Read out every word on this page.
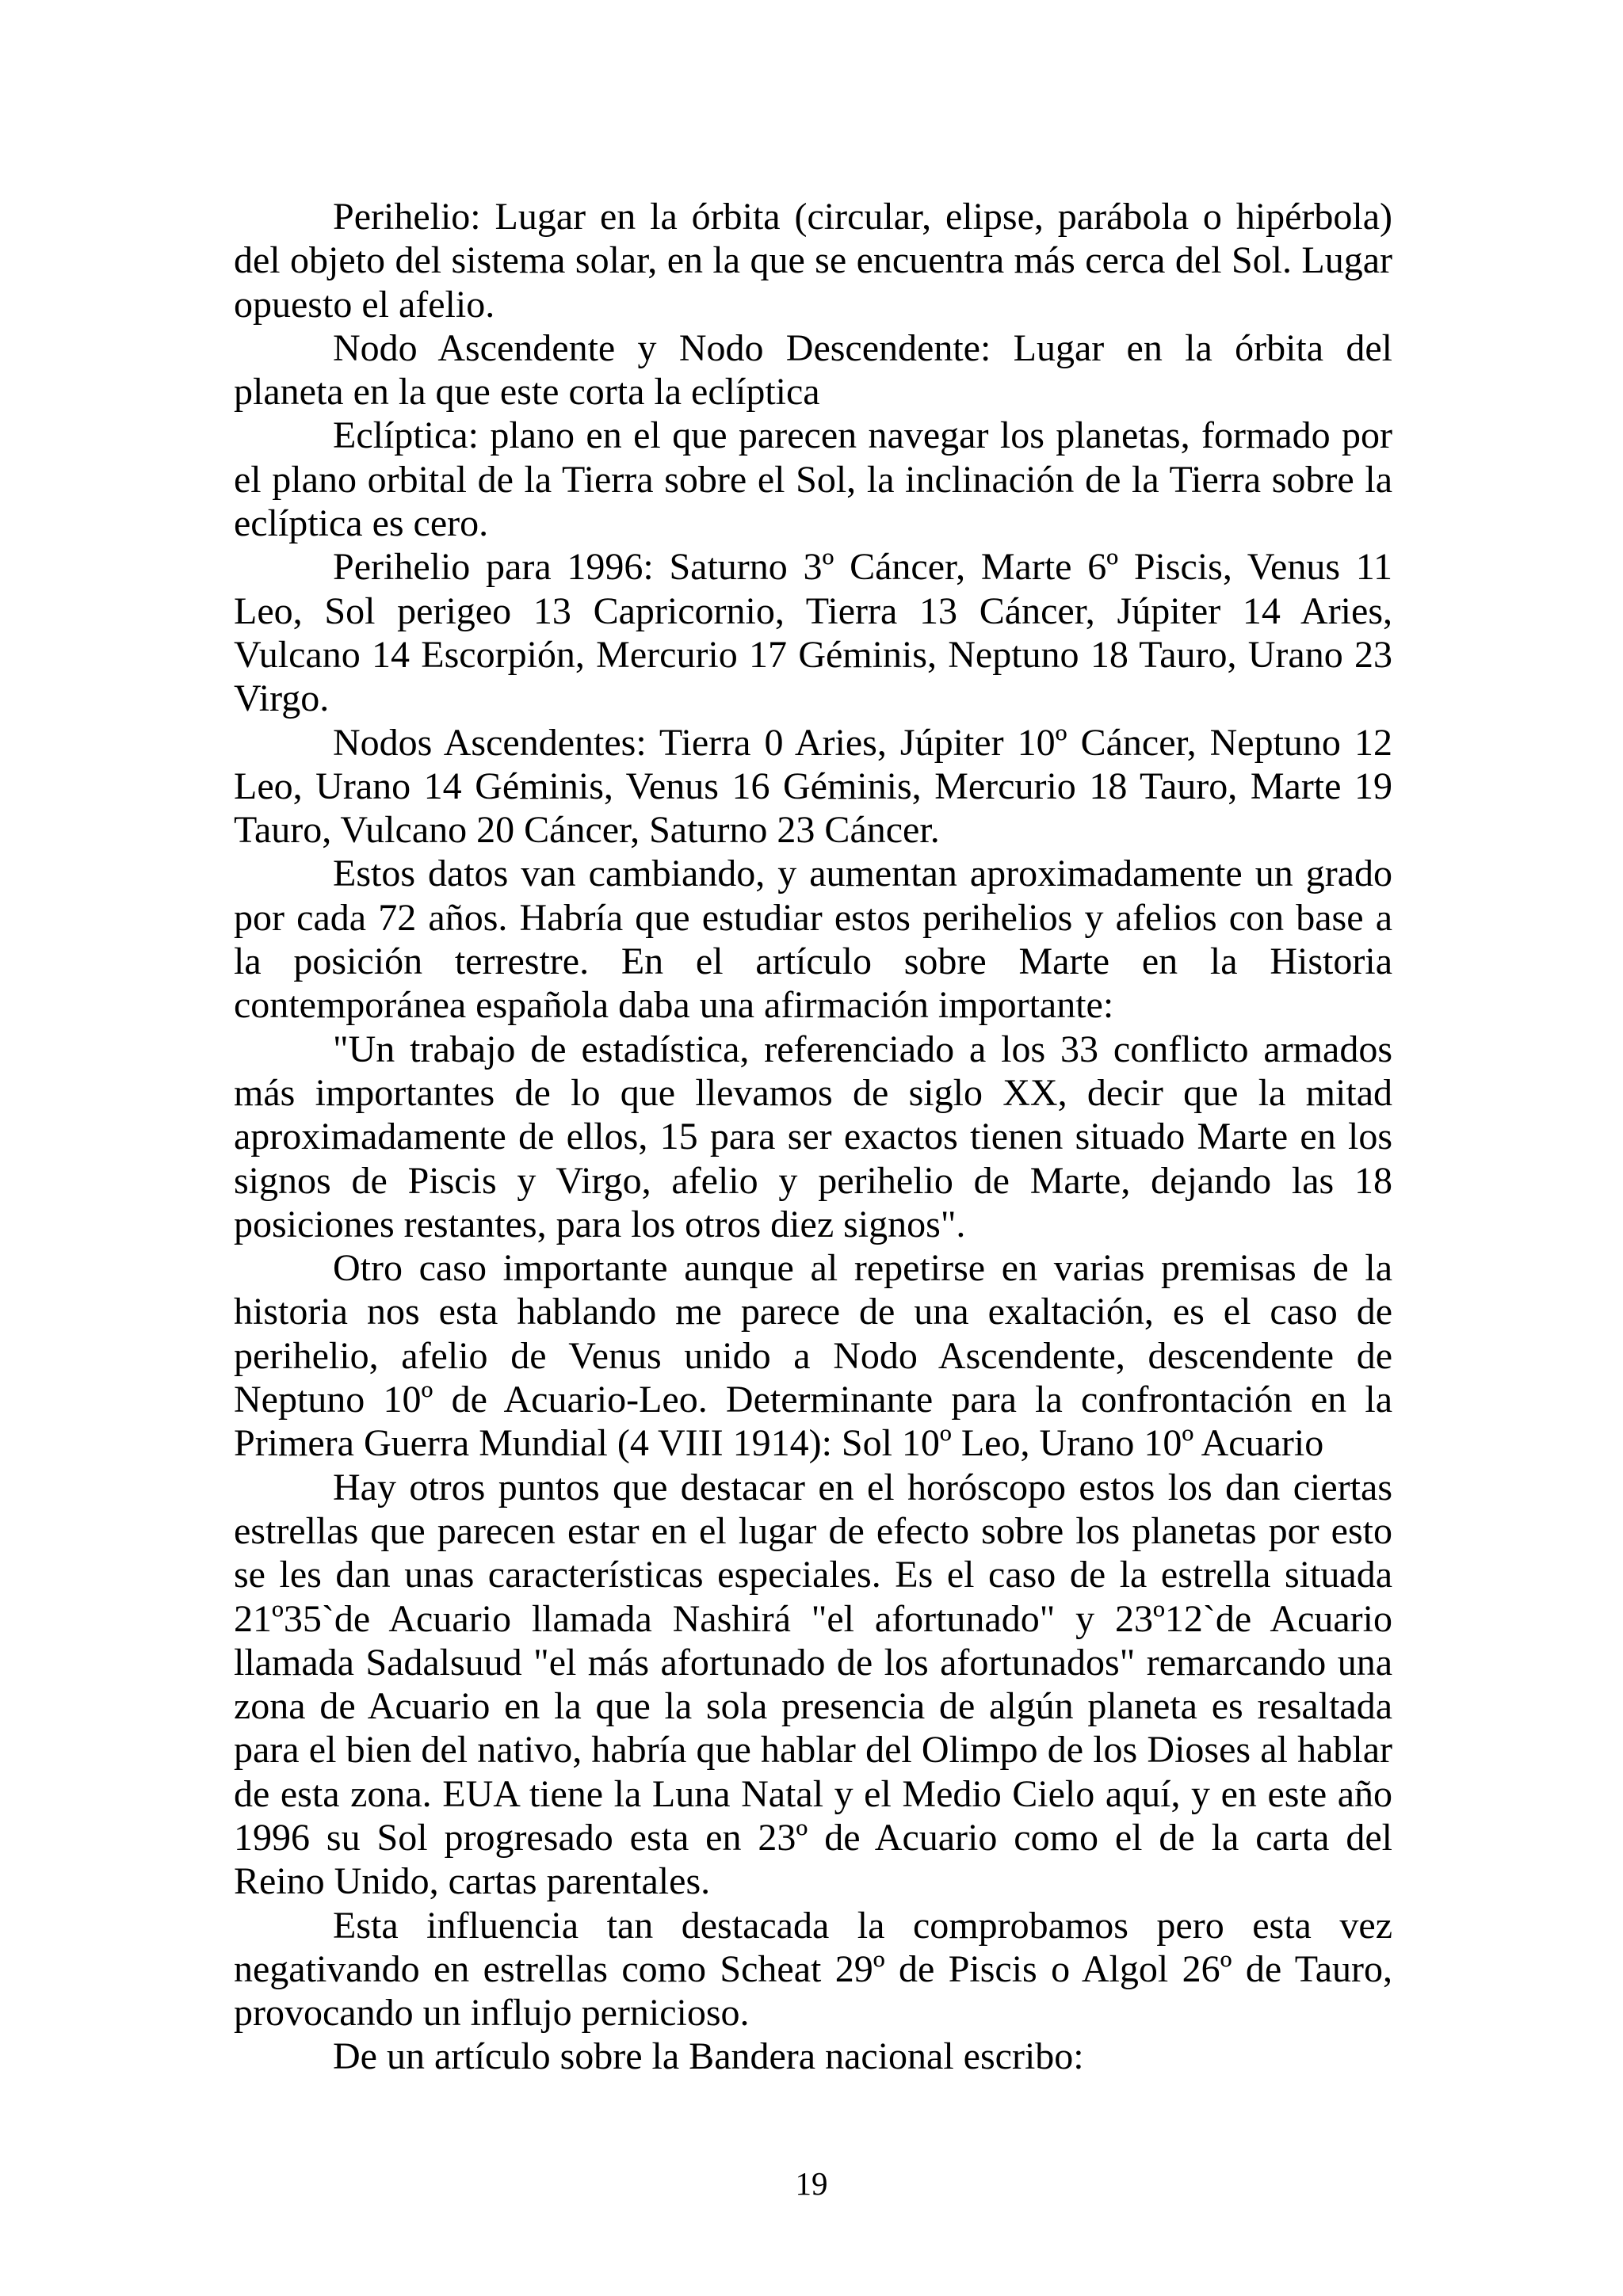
Perihelio: Lugar en la órbita (circular, elipse, parábola o hipérbola) del objeto del sistema solar, en la que se encuentra más cerca del Sol. Lugar opuesto el afelio.

Nodo Ascendente y Nodo Descendente: Lugar en la órbita del planeta en la que este corta la eclíptica

Eclíptica: plano en el que parecen navegar los planetas, formado por el plano orbital de la Tierra sobre el Sol, la inclinación de la Tierra sobre la eclíptica es cero.

Perihelio para 1996: Saturno 3º Cáncer, Marte 6º Piscis, Venus 11 Leo, Sol perigeo 13 Capricornio, Tierra 13 Cáncer, Júpiter 14 Aries, Vulcano 14 Escorpión, Mercurio 17 Géminis, Neptuno 18 Tauro, Urano 23 Virgo.

Nodos Ascendentes: Tierra 0 Aries, Júpiter 10º Cáncer, Neptuno 12 Leo, Urano 14 Géminis, Venus 16 Géminis, Mercurio 18 Tauro, Marte 19 Tauro, Vulcano 20 Cáncer, Saturno 23 Cáncer.

Estos datos van cambiando, y aumentan aproximadamente un grado por cada 72 años. Habría que estudiar estos perihelios y afelios con base a la posición terrestre. En el artículo sobre Marte en la Historia contemporánea española daba una afirmación importante:

"Un trabajo de estadística, referenciado a los 33 conflicto armados más importantes de lo que llevamos de siglo XX, decir que la mitad aproximadamente de ellos, 15 para ser exactos tienen situado Marte en los signos de Piscis y Virgo, afelio y perihelio de Marte, dejando las 18 posiciones restantes, para los otros diez signos".

Otro caso importante aunque al repetirse en varias premisas de la historia nos esta hablando me parece de una exaltación, es el caso de perihelio, afelio de Venus unido a Nodo Ascendente, descendente de Neptuno 10º de Acuario-Leo. Determinante para la confrontación en la Primera Guerra Mundial (4 VIII 1914): Sol 10º Leo, Urano 10º Acuario

Hay otros puntos que destacar en el horóscopo estos los dan ciertas estrellas que parecen estar en el lugar de efecto sobre los planetas por esto se les dan unas características especiales. Es el caso de la estrella situada 21º35`de Acuario llamada Nashirá "el afortunado" y 23º12`de Acuario llamada Sadalsuud "el más afortunado de los afortunados" remarcando una zona de Acuario en la que la sola presencia de algún planeta es resaltada para el bien del nativo, habría que hablar del Olimpo de los Dioses al hablar de esta zona. EUA tiene la Luna Natal y el Medio Cielo aquí, y en este año 1996 su Sol progresado esta en 23º de Acuario como el de la carta del Reino Unido, cartas parentales.

Esta influencia tan destacada la comprobamos pero esta vez negativando en estrellas como Scheat 29º de Piscis o Algol 26º de Tauro, provocando un influjo pernicioso.

De un artículo sobre la Bandera nacional escribo:

19
